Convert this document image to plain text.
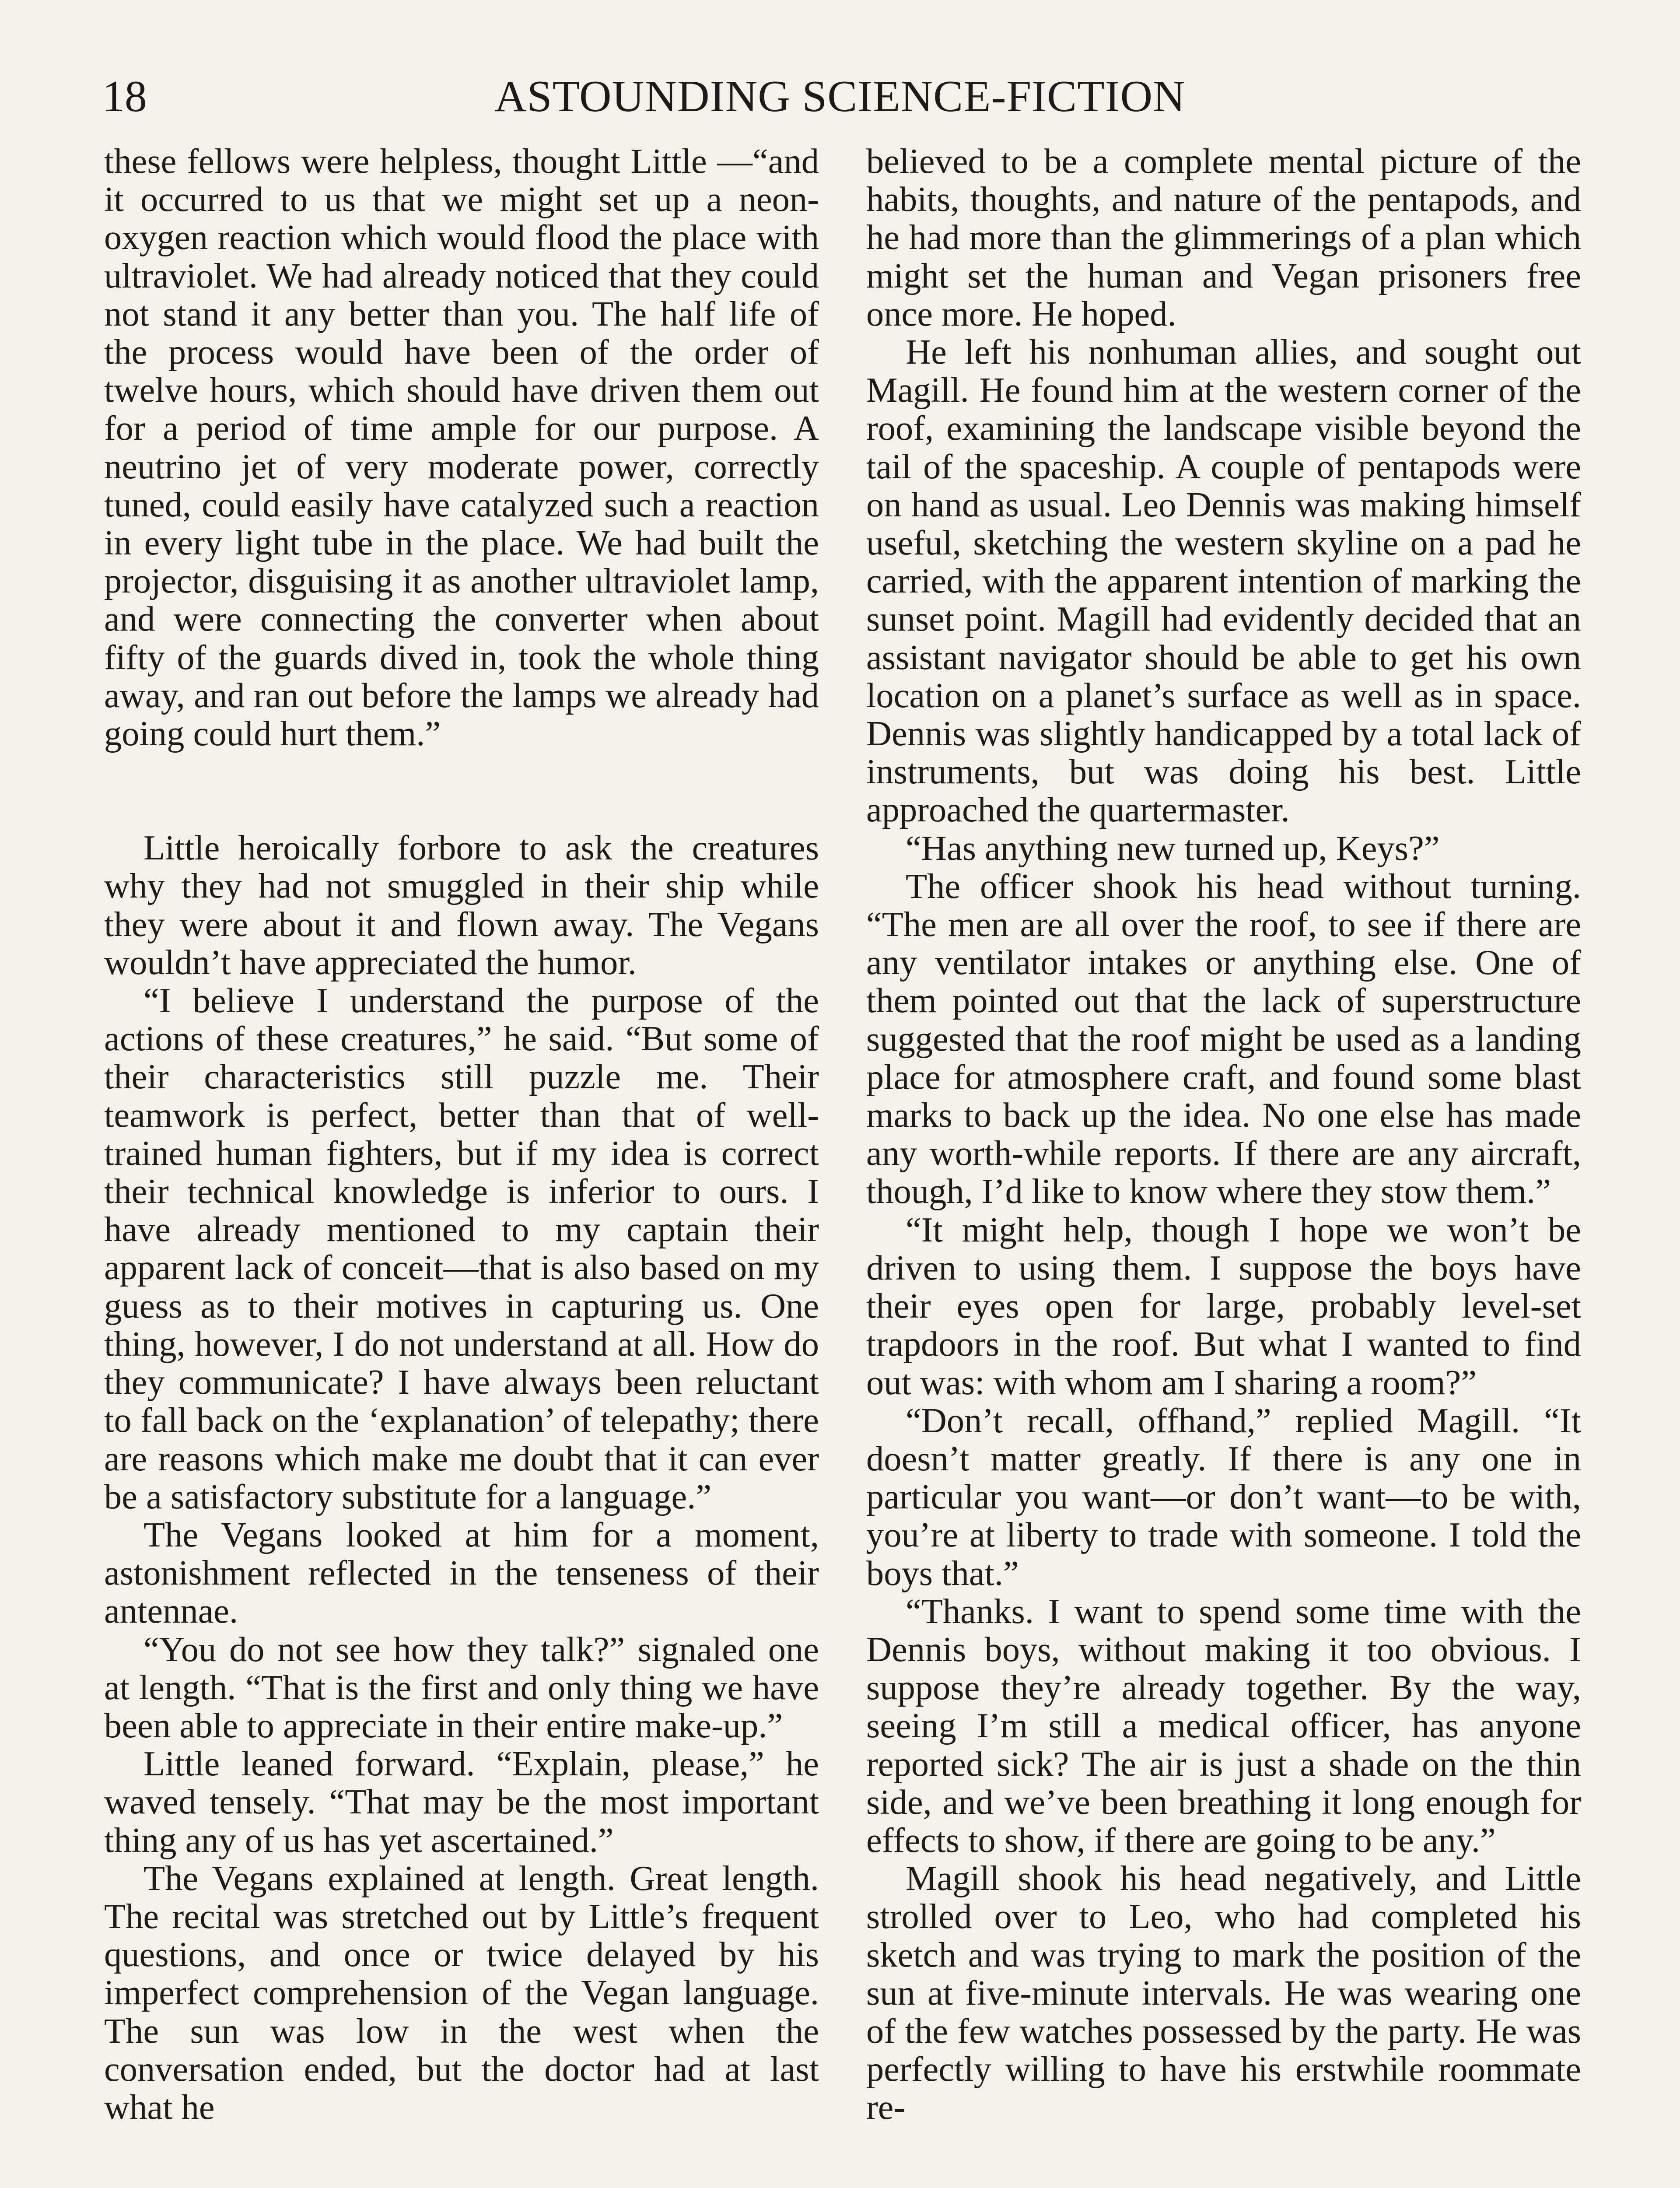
18	ASTOUNDING SCIENCE-FICTION

these fellows were helpless, thought Little —“and it occurred to us that we might set up a neon-oxygen reaction which would flood the place with ultraviolet. We had already noticed that they could not stand it any better than you. The half life of the process would have been of the order of twelve hours, which should have driven them out for a period of time ample for our purpose. A neutrino jet of very moderate power, correctly tuned, could easily have catalyzed such a reaction in every light tube in the place. We had built the projector, disguising it as another ultraviolet lamp, and were connecting the converter when about fifty of the guards dived in, took the whole thing away, and ran out before the lamps we already had going could hurt them.”

Little heroically forbore to ask the creatures why they had not smuggled in their ship while they were about it and flown away. The Vegans wouldn’t have appreciated the humor.

“I believe I understand the purpose of the actions of these creatures,” he said. “But some of their characteristics still puzzle me. Their teamwork is perfect, better than that of well-trained human fighters, but if my idea is correct their technical knowledge is inferior to ours. I have already mentioned to my captain their apparent lack of conceit—that is also based on my guess as to their motives in capturing us. One thing, however, I do not understand at all. How do they communicate? I have always been reluctant to fall back on the ‘explanation’ of telepathy; there are reasons which make me doubt that it can ever be a satisfactory substitute for a language.”

The Vegans looked at him for a moment, astonishment reflected in the tenseness of their antennae.

“You do not see how they talk?” signaled one at length. “That is the first and only thing we have been able to appreciate in their entire make-up.”

Little leaned forward. “Explain, please,” he waved tensely. “That may be the most important thing any of us has yet ascertained.”

The Vegans explained at length. Great length. The recital was stretched out by Little’s frequent questions, and once or twice delayed by his imperfect comprehension of the Vegan language. The sun was low in the west when the conversation ended, but the doctor had at last what he

believed to be a complete mental picture of the habits, thoughts, and nature of the pentapods, and he had more than the glimmerings of a plan which might set the human and Vegan prisoners free once more. He hoped.

He left his nonhuman allies, and sought out Magill. He found him at the western corner of the roof, examining the landscape visible beyond the tail of the spaceship. A couple of pentapods were on hand as usual. Leo Dennis was making himself useful, sketching the western skyline on a pad he carried, with the apparent intention of marking the sunset point. Magill had evidently decided that an assistant navigator should be able to get his own location on a planet’s surface as well as in space. Dennis was slightly handicapped by a total lack of instruments, but was doing his best. Little approached the quartermaster.

“Has anything new turned up, Keys?”

The officer shook his head without turning. “The men are all over the roof, to see if there are any ventilator intakes or anything else. One of them pointed out that the lack of superstructure suggested that the roof might be used as a landing place for atmosphere craft, and found some blast marks to back up the idea. No one else has made any worth-while reports. If there are any aircraft, though, I’d like to know where they stow them.”

“It might help, though I hope we won’t be driven to using them. I suppose the boys have their eyes open for large, probably level-set trapdoors in the roof. But what I wanted to find out was: with whom am I sharing a room?”

“Don’t recall, offhand,” replied Magill. “It doesn’t matter greatly. If there is any one in particular you want—or don’t want—to be with, you’re at liberty to trade with someone. I told the boys that.”

“Thanks. I want to spend some time with the Dennis boys, without making it too obvious. I suppose they’re already together. By the way, seeing I’m still a medical officer, has anyone reported sick? The air is just a shade on the thin side, and we’ve been breathing it long enough for effects to show, if there are going to be any.”

Magill shook his head negatively, and Little strolled over to Leo, who had completed his sketch and was trying to mark the position of the sun at five-minute intervals. He was wearing one of the few watches possessed by the party. He was perfectly willing to have his erstwhile roommate re-
